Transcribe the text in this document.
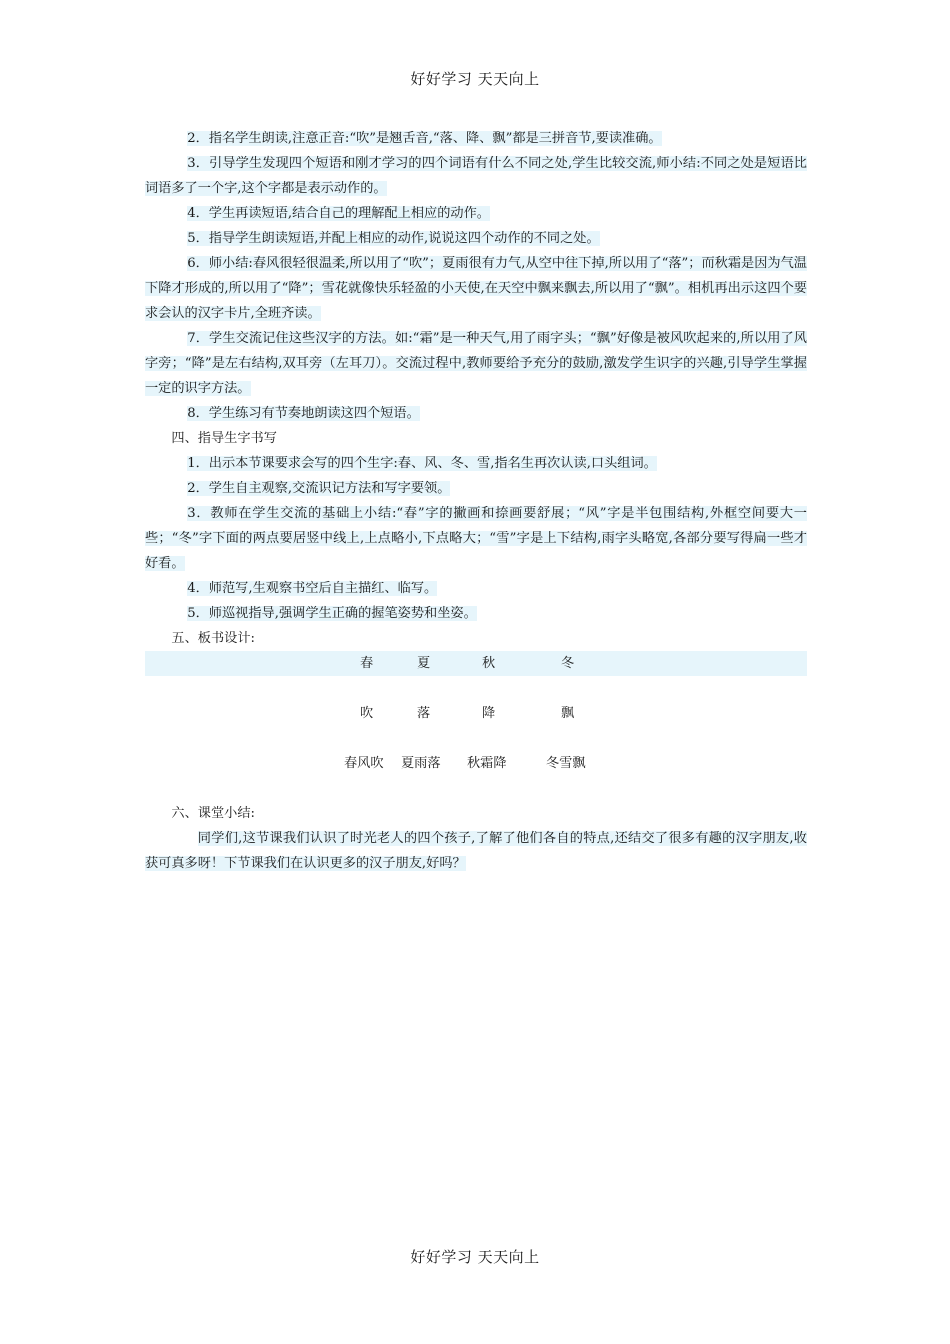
好好学习 天天向上

2．指名学生朗读,注意正音:“吹”是翘舌音,“落、降、飘”都是三拼音节,要读准确。

3．引导学生发现四个短语和刚才学习的四个词语有什么不同之处,学生比较交流,师小结:不同之处是短语比词语多了一个字,这个字都是表示动作的。

4．学生再读短语,结合自己的理解配上相应的动作。

5．指导学生朗读短语,并配上相应的动作,说说这四个动作的不同之处。

6．师小结:春风很轻很温柔,所以用了“吹”；夏雨很有力气,从空中往下掉,所以用了“落”；而秋霜是因为气温下降才形成的,所以用了“降”；雪花就像快乐轻盈的小天使,在天空中飘来飘去,所以用了“飘”。相机再出示这四个要求会认的汉字卡片,全班齐读。

7．学生交流记住这些汉字的方法。如:“霜”是一种天气,用了雨字头；“飘”好像是被风吹起来的,所以用了风字旁；“降”是左右结构,双耳旁（左耳刀）。交流过程中,教师要给予充分的鼓励,激发学生识字的兴趣,引导学生掌握一定的识字方法。

8．学生练习有节奏地朗读这四个短语。

四、指导生字书写

1．出示本节课要求会写的四个生字:春、风、冬、雪,指名生再次认读,口头组词。

2．学生自主观察,交流识记方法和写字要领。

3．教师在学生交流的基础上小结:“春”字的撇画和捺画要舒展；“风”字是半包围结构,外框空间要大一些；“冬”字下面的两点要居竖中线上,上点略小,下点略大；“雪”字是上下结构,雨字头略宽,各部分要写得扁一些才好看。

4．师范写,生观察书空后自主描红、临写。

5．师巡视指导,强调学生正确的握笔姿势和坐姿。

五、板书设计:

春	夏	秋	冬
吹	落	降	飘
春风吹 夏雨落 秋霜降	冬雪飘

六、课堂小结:

同学们,这节课我们认识了时光老人的四个孩子,了解了他们各自的特点,还结交了很多有趣的汉字朋友,收获可真多呀！下节课我们在认识更多的汉子朋友,好吗？

好好学习 天天向上
